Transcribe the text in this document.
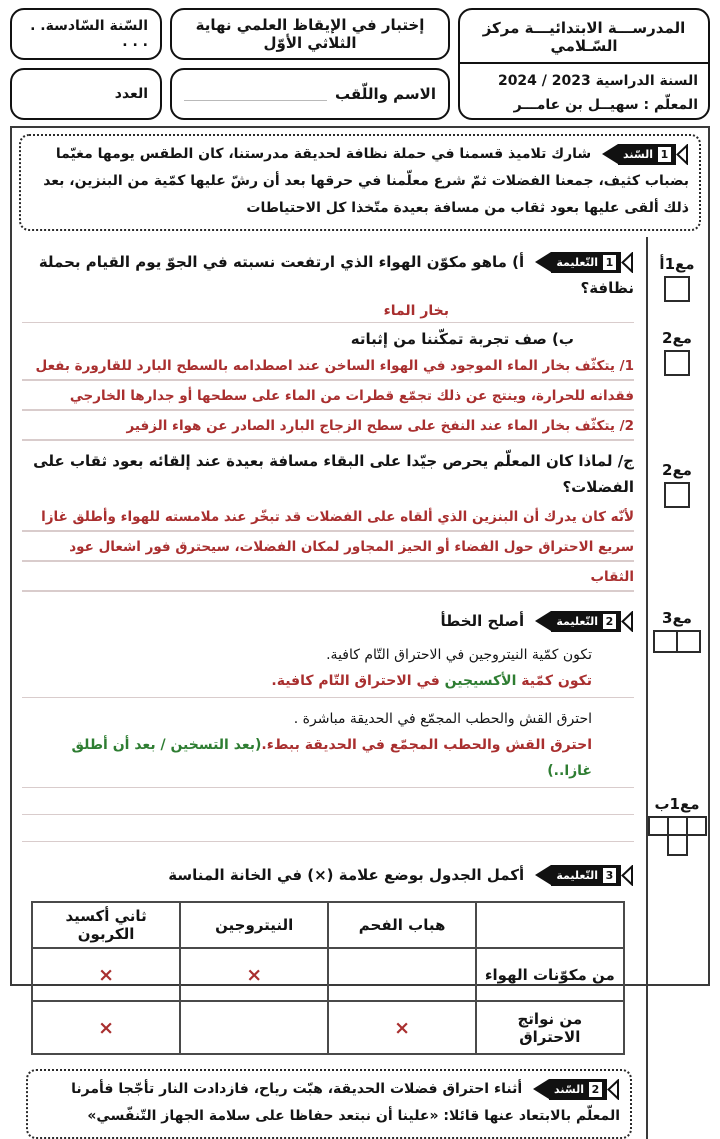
المدرســـة الابتدائيـــة مركز السّـلامي
السنة الدراسية 2023 / 2024
المعلّم : سهيــل بن عامـــر
إختبار في الإيقاظ العلمي نهاية الثلاثي الأوّل
الاسم واللّقب
السّنة السّادسة. . . . .
العدد
السّند 1
شارك تلاميذ قسمنا في حملة نظافة لحديقة مدرستنا، كان الطقس يومها مغيّما بضباب كثيف، جمعنا الفضلات ثمّ شرع معلّمنا في حرقها بعد أن رشّ عليها كمّية من البنزين، بعد ذلك ألقى عليها بعود ثقاب من مسافة بعيدة متّخذا كل الاحتياطات
مع1أ
مع2
مع2
مع3
مع1ب
التّعليمة 1
أ) ماهو مكوّن الهواء الذي ارتفعت نسبته في الجوّ يوم القيام بحملة نظافة؟
بخار الماء
ب) صف تجربة تمكّننا من إثباته
1/ يتكثّف بخار الماء الموجود في الهواء الساخن عند اصطدامه بالسطح البارد للقارورة بفعل فقدانه للحرارة، وينتج عن ذلك تجمّع قطرات من الماء على سطحها أو جدارها الخارجي
2/ يتكثّف بخار الماء عند النفخ على سطح الزجاج البارد الصادر عن هواء الزفير
ج/ لماذا كان المعلّم يحرص جيّدا على البقاء مسافة بعيدة عند إلقائه بعود ثقاب على الفضلات؟
لأنّه كان يدرك أن البنزين الذي ألقاه على الفضلات قد تبخّر عند ملامسته للهواء وأطلق غازا سريع الاحتراق حول الفضاء أو الحيز المجاور لمكان الفضلات، سيحترق فور اشعال عود الثقاب
التّعليمة 2
أصلح الخطأ
تكون كمّية النيتروجين في الاحتراق التّام كافية.
تكون كمّية الأكسيجين في الاحتراق التّام كافية.
احترق القش والحطب المجمّع في الحديقة مباشرة .
احترق القش والحطب المجمّع في الحديقة ببطء.(بعد التسخين / بعد أن أطلق غازا..)
التّعليمة 3
أكمل الجدول بوضع علامة (×) في الخانة المناسة
	هباب الفحم	النيتروجين	ثاني أكسيد الكربون
من مكوّنات الهواء		×	×
من نواتج الاحتراق	×		×
السّند 2
أثناء احتراق فضلات الحديقة، هبّت رياح، فازدادت النار تأجّجا فأمرنا المعلّم بالابتعاد عنها قائلا: «علينا أن نبتعد حفاظا على سلامة الجهاز التّنفّسي»
